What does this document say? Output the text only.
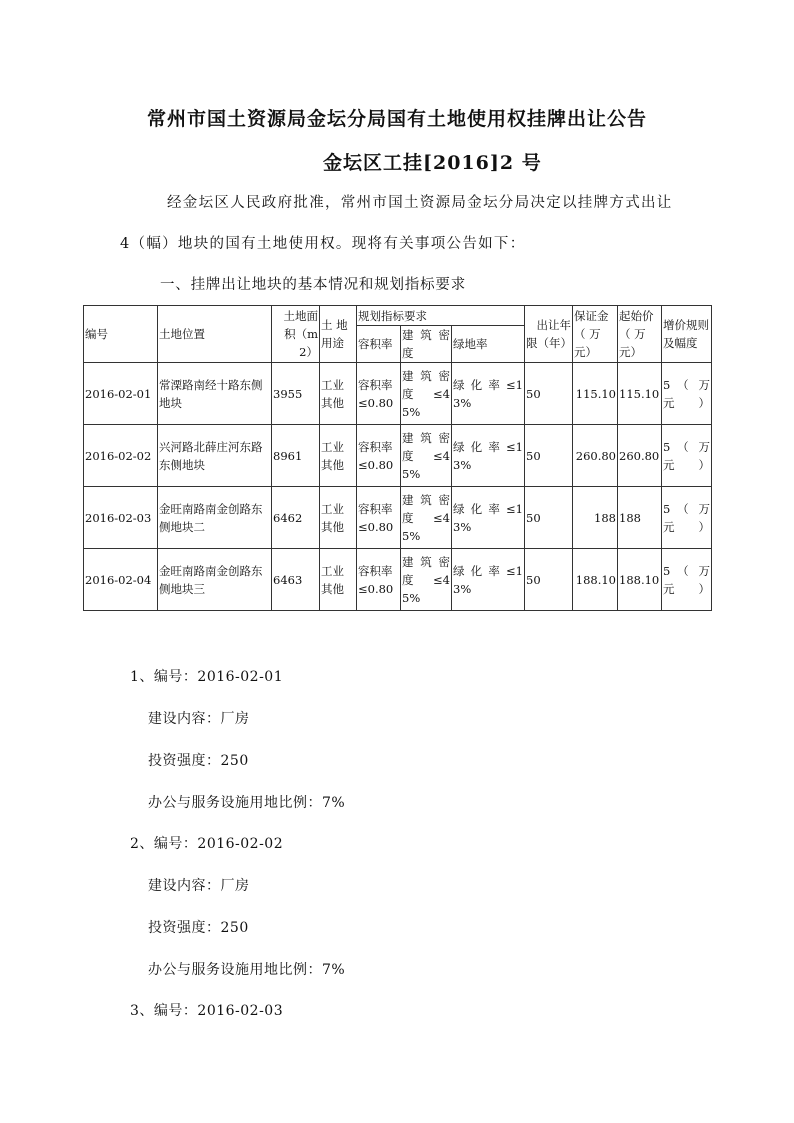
常州市国土资源局金坛分局国有土地使用权挂牌出让公告
金坛区工挂[2016]2 号
经金坛区人民政府批准，常州市国土资源局金坛分局决定以挂牌方式出让
4（幅）地块的国有土地使用权。现将有关事项公告如下：
一、挂牌出让地块的基本情况和规划指标要求
编号	土地位置	土地面积（m2）	土 地用途	规划指标要求			出让年限（年）	保证金（ 万元）	起始价（ 万元）	增价规则及幅度
				容积率	建 筑 密度	绿地率				
2016-02-01	常溧路南经十路东侧地块	3955	工业其他	容积率≤0.80	建 筑 密度 ≤45%	绿 化 率 ≤13%	50	115.10	115.10	5 （ 万元）
2016-02-02	兴河路北薛庄河东路东侧地块	8961	工业其他	容积率≤0.80	建 筑 密度 ≤45%	绿 化 率 ≤13%	50	260.80	260.80	5 （ 万元）
2016-02-03	金旺南路南金创路东侧地块二	6462	工业其他	容积率≤0.80	建 筑 密度 ≤45%	绿 化 率 ≤13%	50	188	188	5 （ 万元）
2016-02-04	金旺南路南金创路东侧地块三	6463	工业其他	容积率≤0.80	建 筑 密度 ≤45%	绿 化 率 ≤13%	50	188.10	188.10	5 （ 万元）
1、编号：2016-02-01
建设内容：厂房
投资强度：250
办公与服务设施用地比例：7%
2、编号：2016-02-02
建设内容：厂房
投资强度：250
办公与服务设施用地比例：7%
3、编号：2016-02-03
